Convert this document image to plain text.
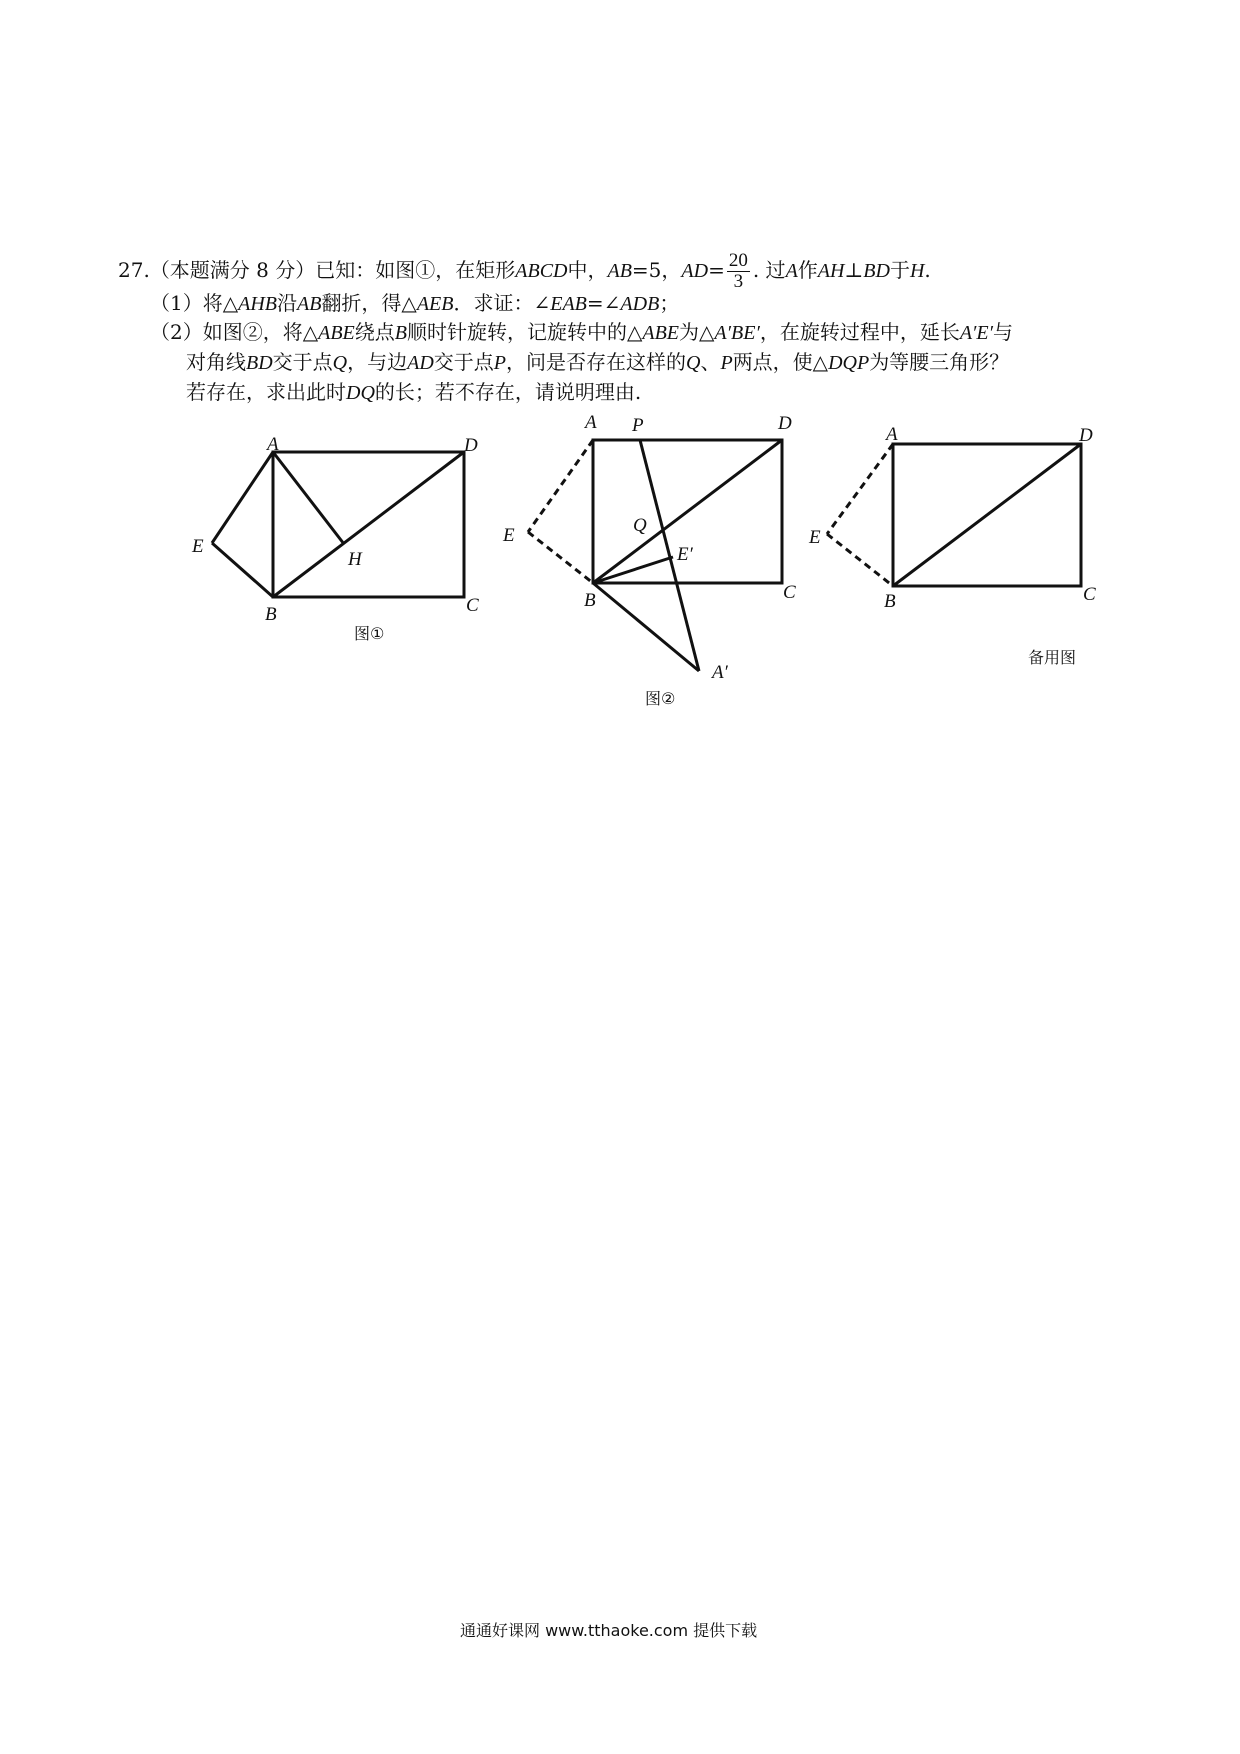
27.（本题满分 8 分）已知：如图①，在矩形ABCD中，AB=5，$AD= \frac{20}{3}$ . 过A作AH⊥BD于H.
（1）将△AHB沿AB翻折，得△AEB．求证：∠EAB=∠ADB；
（2）如图②，将△ABE绕点B顺时针旋转，记旋转中的△ABE为△A′BE′，在旋转过程中，延长A′E′与
对角线BD交于点Q，与边AD交于点P，问是否存在这样的Q、P两点，使△DQP为等腰三角形？
若存在，求出此时DQ的长；若不存在，请说明理由.
A	D
E
H
B	C
图①
A P	D
E	Q
E′
B	C
A′
图②
A	D
E
B	C
备用图
通通好课网 www.tthaoke.com 提供下载
